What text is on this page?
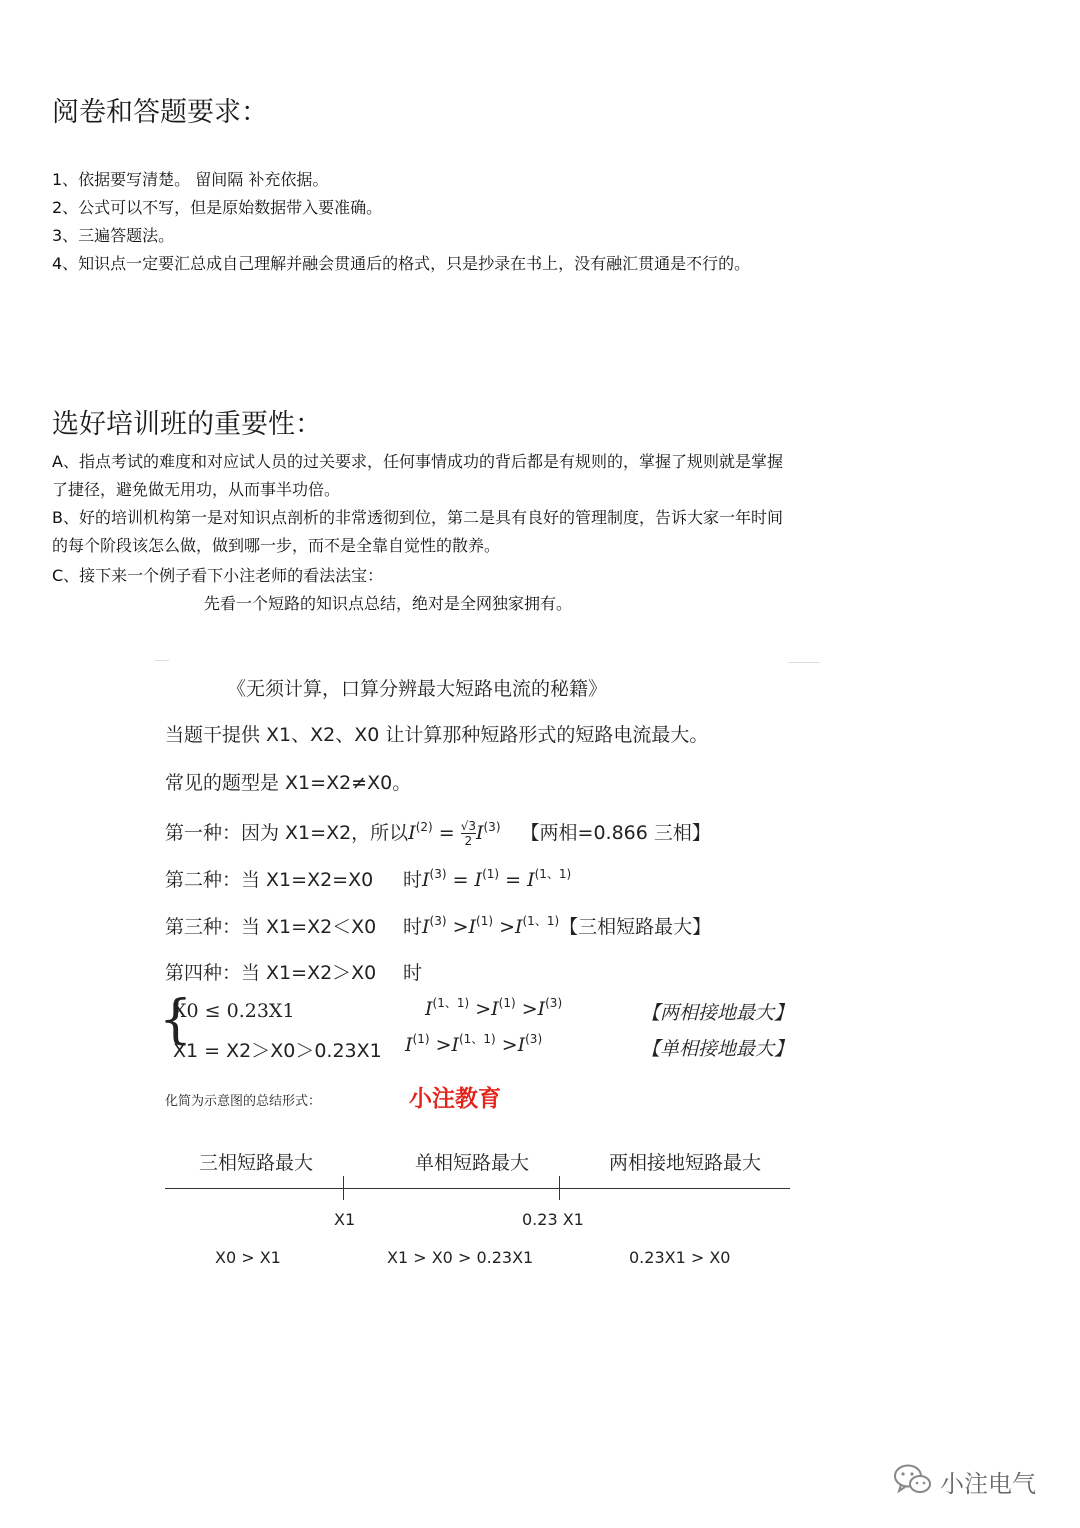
阅卷和答题要求：
1、依据要写清楚。 留间隔 补充依据。
2、公式可以不写，但是原始数据带入要准确。
3、三遍答题法。
4、知识点一定要汇总成自己理解并融会贯通后的格式，只是抄录在书上，没有融汇贯通是不行的。
选好培训班的重要性：
A、指点考试的难度和对应试人员的过关要求，任何事情成功的背后都是有规则的，掌握了规则就是掌握
了捷径，避免做无用功，从而事半功倍。
B、好的培训机构第一是对知识点剖析的非常透彻到位，第二是具有良好的管理制度，告诉大家一年时间
的每个阶段该怎么做，做到哪一步，而不是全靠自觉性的散养。
C、接下来一个例子看下小注老师的看法法宝：
先看一个短路的知识点总结，绝对是全网独家拥有。
《无须计算，口算分辨最大短路电流的秘籍》
当题干提供 X1、X2、X0 让计算那种短路形式的短路电流最大。
常见的题型是 X1=X2≠X0。
第一种：因为 X1=X2，所以$I^{(2)} = \frac{√3}{2} I^{(3)}$ 【两相=0.866 三相】
第二种：当 X1=X2=X0 时$I^{(3)} = I^{(1)} = I^{(1、1)}$
第三种：当 X1=X2＜X0 时$I^{(3)} >I^{(1)} >I^{(1、1)}$【三相短路最大】
第四种：当 X1=X2＞X0 时
{
X0 ≤ 0.23X1	$I^{(1、1)} >I^{(1)} >I^{(3)}$	【两相接地最大】
X1 = X2＞X0＞0.23X1 $I^{(1)} >I^{(1、1)} >I^{(3)}$	【单相接地最大】
化简为示意图的总结形式：	小注教育
三相短路最大	单相短路最大	两相接地短路最大
X1	0.23 X1
X0 > X1	X1 > X0 > 0.23X1	0.23X1 > X0
小注电气
